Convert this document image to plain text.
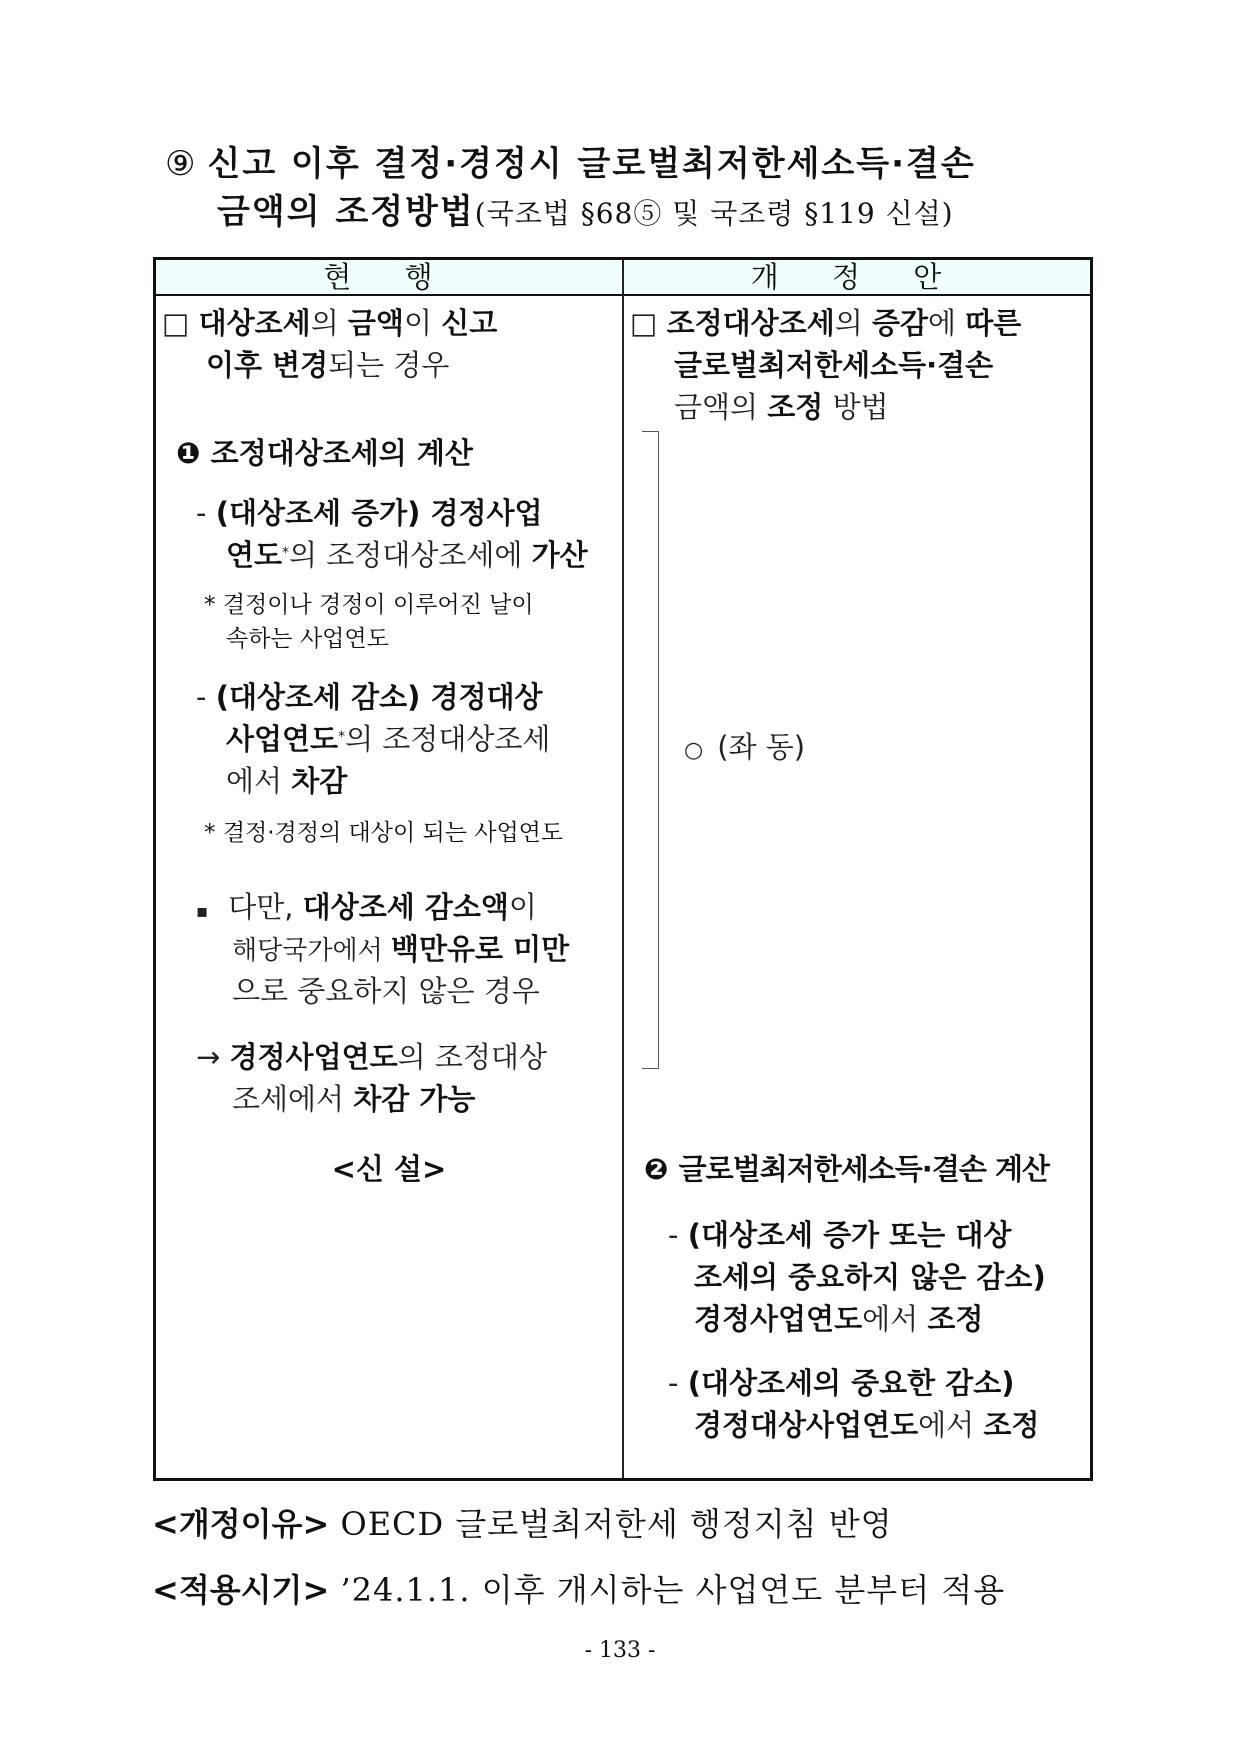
⑨ 신고 이후 결정·경정시 글로벌최저한세소득·결손
금액의 조정방법(국조법 §68⑤ 및 국조령 §119 신설)
현 행	개 정 안
□ 대상조세의 금액이 신고
이후 변경되는 경우
❶ 조정대상조세의 계산
- (대상조세 증가) 경정사업
연도*의 조정대상조세에 가산
* 결정이나 경정이 이루어진 날이
속하는 사업연도
- (대상조세 감소) 경정대상
사업연도*의 조정대상조세
에서 차감
* 결정·경정의 대상이 되는 사업연도
▪ 다만, 대상조세 감소액이
해당국가에서 백만유로 미만
으로 중요하지 않은 경우
→ 경정사업연도의 조정대상
조세에서 차감 가능
<신 설>
□ 조정대상조세의 증감에 따른
글로벌최저한세소득·결손
금액의 조정 방법
○ (좌 동)
❷ 글로벌최저한세소득·결손 계산
- (대상조세 증가 또는 대상
조세의 중요하지 않은 감소)
경정사업연도에서 조정
- (대상조세의 중요한 감소)
경정대상사업연도에서 조정
<개정이유> OECD 글로벌최저한세 행정지침 반영
<적용시기> ’24.1.1. 이후 개시하는 사업연도 분부터 적용
- 133 -
